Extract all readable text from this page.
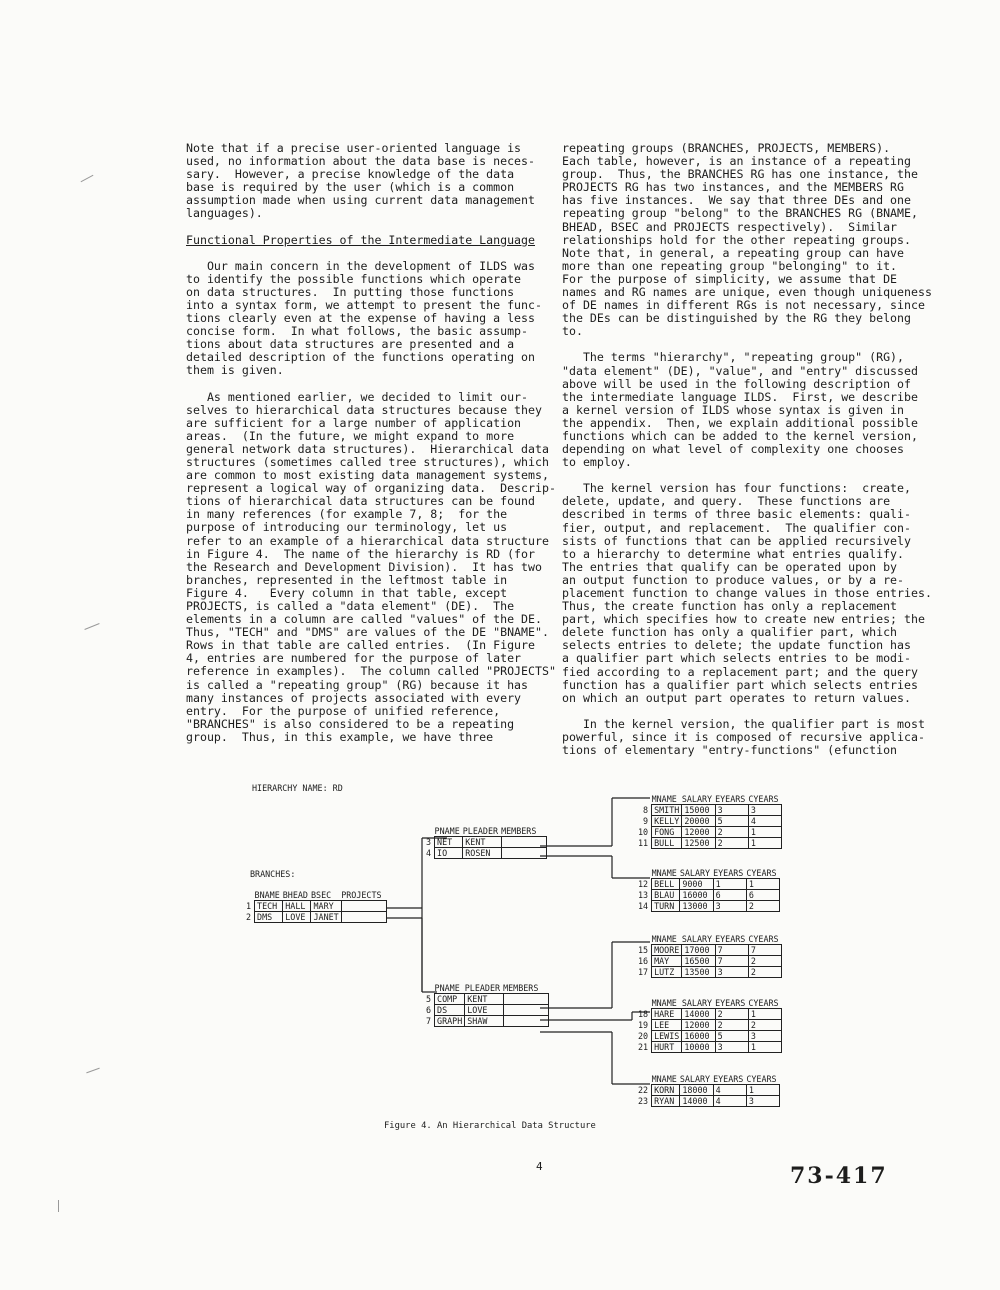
Note that if a precise user-oriented language is

used, no information about the data base is neces-

sary.  However, a precise knowledge of the data

base is required by the user (which is a common

assumption made when using current data management

languages).

Functional Properties of the Intermediate Language

Our main concern in the development of ILDS was

to identify the possible functions which operate

on data structures.  In putting those functions

into a syntax form, we attempt to present the func-

tions clearly even at the expense of having a less

concise form.  In what follows, the basic assump-

tions about data structures are presented and a

detailed description of the functions operating on

them is given.

As mentioned earlier, we decided to limit our-

selves to hierarchical data structures because they

are sufficient for a large number of application

areas.  (In the future, we might expand to more

general network data structures).  Hierarchical data

structures (sometimes called tree structures), which

are common to most existing data management systems,

represent a logical way of organizing data.  Descrip-

tions of hierarchical data structures can be found

in many references (for example 7, 8;  for the

purpose of introducing our terminology, let us

refer to an example of a hierarchical data structure

in Figure 4.  The name of the hierarchy is RD (for

the Research and Development Division).  It has two

branches, represented in the leftmost table in

Figure 4.   Every column in that table, except

PROJECTS, is called a "data element" (DE).  The

elements in a column are called "values" of the DE.

Thus, "TECH" and "DMS" are values of the DE "BNAME".

Rows in that table are called entries.  (In Figure

4, entries are numbered for the purpose of later

reference in examples).  The column called "PROJECTS"

is called a "repeating group" (RG) because it has

many instances of projects associated with every

entry.  For the purpose of unified reference,

"BRANCHES" is also considered to be a repeating

group.  Thus, in this example, we have three

repeating groups (BRANCHES, PROJECTS, MEMBERS).

Each table, however, is an instance of a repeating

group.  Thus, the BRANCHES RG has one instance, the

PROJECTS RG has two instances, and the MEMBERS RG

has five instances.  We say that three DEs and one

repeating group "belong" to the BRANCHES RG (BNAME,

BHEAD, BSEC and PROJECTS respectively).  Similar

relationships hold for the other repeating groups.

Note that, in general, a repeating group can have

more than one repeating group "belonging" to it.

For the purpose of simplicity, we assume that DE

names and RG names are unique, even though uniqueness

of DE names in different RGs is not necessary, since

the DEs can be distinguished by the RG they belong

to.

The terms "hierarchy", "repeating group" (RG),

"data element" (DE), "value", and "entry" discussed

above will be used in the following description of

the intermediate language ILDS.  First, we describe

a kernel version of ILDS whose syntax is given in

the appendix.  Then, we explain additional possible

functions which can be added to the kernel version,

depending on what level of complexity one chooses

to employ.

The kernel version has four functions:  create,

delete, update, and query.  These functions are

described in terms of three basic elements: quali-

fier, output, and replacement.  The qualifier con-

sists of functions that can be applied recursively

to a hierarchy to determine what entries qualify.

The entries that qualify can be operated upon by

an output function to produce values, or by a re-

placement function to change values in those entries.

Thus, the create function has only a replacement

part, which specifies how to create new entries; the

delete function has only a qualifier part, which

selects entries to delete; the update function has

a qualifier part which selects entries to be modi-

fied according to a replacement part; and the query

function has a qualifier part which selects entries

on which an output part operates to return values.

In the kernel version, the qualifier part is most

powerful, since it is composed of recursive applica-

tions of elementary "entry-functions" (efunction

HIERARCHY NAME: RD
BRANCHES:
	BNAME	BHEAD	BSEC	PROJECTS
1	TECH	HALL	MARY	
2	DMS	LOVE	JANET	
	PNAME	PLEADER	MEMBERS
3	NET	KENT	
4	IO	ROSEN	
	PNAME	PLEADER	MEMBERS
5	COMP	KENT	
6	DS	LOVE	
7	GRAPH	SHAW	
	MNAME	SALARY	EYEARS	CYEARS
8	SMITH	15000	3	3
9	KELLY	20000	5	4
10	FONG	12000	2	1
11	BULL	12500	2	1
	MNAME	SALARY	EYEARS	CYEARS
12	BELL	9000	1	1
13	BLAU	16000	6	6
14	TURN	13000	3	2
	MNAME	SALARY	EYEARS	CYEARS
15	MOORE	17000	7	7
16	MAY	16500	7	2
17	LUTZ	13500	3	2
	MNAME	SALARY	EYEARS	CYEARS
18	HARE	14000	2	1
19	LEE	12000	2	2
20	LEWIS	16000	5	3
21	HURT	10000	3	1
	MNAME	SALARY	EYEARS	CYEARS
22	KORN	18000	4	1
23	RYAN	14000	4	3
Figure 4. An Hierarchical Data Structure
4	73-417
